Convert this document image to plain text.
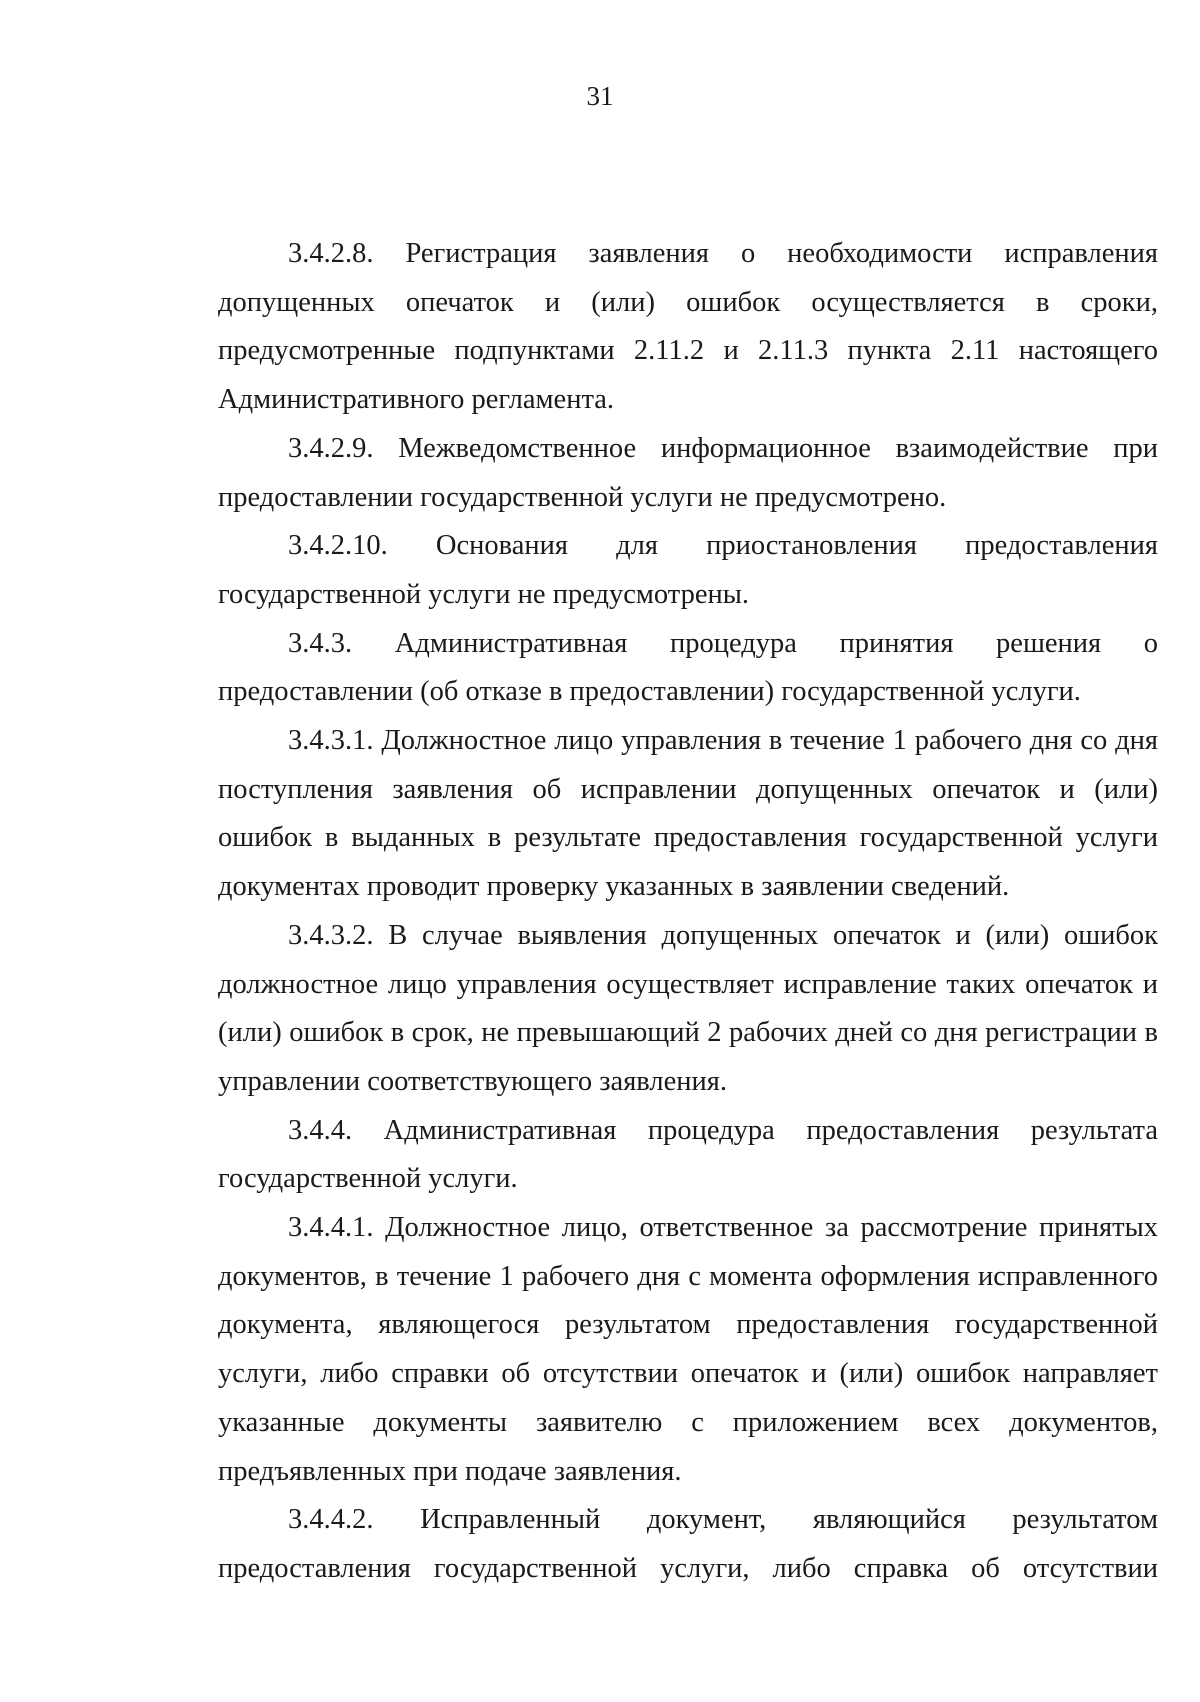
31

3.4.2.8. Регистрация заявления о необходимости исправления допущенных опечаток и (или) ошибок осуществляется в сроки, предусмотренные подпунктами 2.11.2 и 2.11.3 пункта 2.11 настоящего Административного регламента.

3.4.2.9. Межведомственное информационное взаимодействие при предоставлении государственной услуги не предусмотрено.

3.4.2.10. Основания для приостановления предоставления государственной услуги не предусмотрены.

3.4.3. Административная процедура принятия решения о предоставлении (об отказе в предоставлении) государственной услуги.

3.4.3.1. Должностное лицо управления в течение 1 рабочего дня со дня поступления заявления об исправлении допущенных опечаток и (или) ошибок в выданных в результате предоставления государственной услуги документах проводит проверку указанных в заявлении сведений.

3.4.3.2. В случае выявления допущенных опечаток и (или) ошибок должностное лицо управления осуществляет исправление таких опечаток и (или) ошибок в срок, не превышающий 2 рабочих дней со дня регистрации в управлении соответствующего заявления.

3.4.4. Административная процедура предоставления результата государственной услуги.

3.4.4.1. Должностное лицо, ответственное за рассмотрение принятых документов, в течение 1 рабочего дня с момента оформления исправленного документа, являющегося результатом предоставления государственной услуги, либо справки об отсутствии опечаток и (или) ошибок направляет указанные документы заявителю с приложением всех документов, предъявленных при подаче заявления.

3.4.4.2. Исправленный документ, являющийся результатом предоставления государственной услуги, либо справка об отсутствии
